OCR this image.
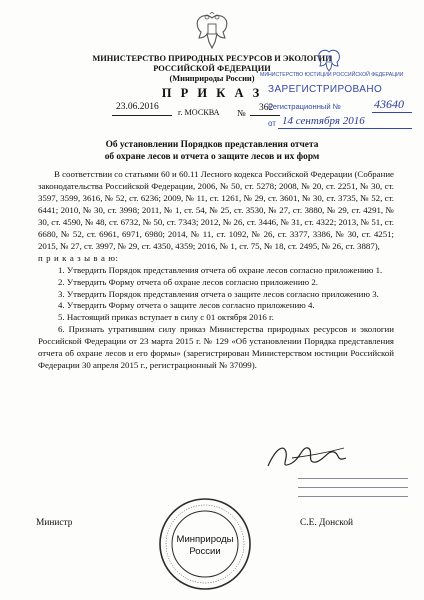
МИНИСТЕРСТВО ПРИРОДНЫХ РЕСУРСОВ И ЭКОЛОГИИ
РОССИЙСКОЙ ФЕДЕРАЦИИ
(Минприроды России)
П Р И К А З
23.06.2016
г. МОСКВА № 362
МИНИСТЕРСТВО ЮСТИЦИИ РОССИЙСКОЙ ФЕДЕРАЦИИ
ЗАРЕГИСТРИРОВАНО
Регистрационный №	43640
от 14 сентября 2016
Об установлении Порядков представления отчета
об охране лесов и отчета о защите лесов и их форм

В соответствии со статьями 60 и 60.11 Лесного кодекса Российской Федерации (Собрание законодательства Российской Федерации, 2006, № 50, ст. 5278; 2008, № 20, ст. 2251, № 30, ст. 3597, 3599, 3616, № 52, ст. 6236; 2009, № 11, ст. 1261, № 29, ст. 3601, № 30, ст. 3735, № 52, ст. 6441; 2010, № 30, ст. 3998; 2011, № 1, ст. 54, № 25, ст. 3530, № 27, ст. 3880, № 29, ст. 4291, № 30, ст. 4590, № 48, ст. 6732, № 50, ст. 7343; 2012, № 26, ст. 3446, № 31, ст. 4322; 2013, № 51, ст. 6680, № 52, ст. 6961, 6971, 6980; 2014, № 11, ст. 1092, № 26, ст. 3377, 3386, № 30, ст. 4251; 2015, № 27, ст. 3997, № 29, ст. 4350, 4359; 2016, № 1, ст. 75, № 18, ст. 2495, № 26, ст. 3887),

п р и к а з ы в а ю:

1. Утвердить Порядок представления отчета об охране лесов согласно приложению 1.

2. Утвердить Форму отчета об охране лесов согласно приложению 2.

3. Утвердить Порядок представления отчета о защите лесов согласно приложению 3.

4. Утвердить Форму отчета о защите лесов согласно приложению 4.

5. Настоящий приказ вступает в силу с 01 октября 2016 г.

6. Признать утратившим силу приказ Министерства природных ресурсов и экологии Российской Федерации от 23 марта 2015 г. № 129 «Об установлении Порядка представления отчета об охране лесов и его формы» (зарегистрирован Министерством юстиции Российской Федерации 30 апреля 2015 г., регистрационный № 37099).

Минприроды
России
Министр	С.Е. Донской
